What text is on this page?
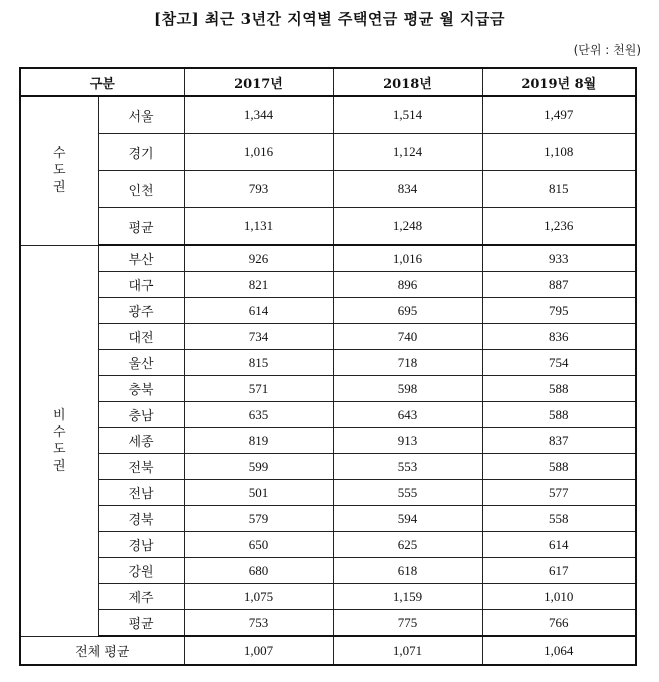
[참고] 최근 3년간 지역별 주택연금 평균 월 지급금
(단위 : 천원)
구분		2017년	2018년	2019년 8월

수
도
권	서울	1,344	1,514	1,497
	경기	1,016	1,124	1,108
	인천	793	834	815
	평균	1,131	1,248	1,236

비
수
도
권	부산	926	1,016	933
	대구	821	896	887
	광주	614	695	795
	대전	734	740	836
	울산	815	718	754
	충북	571	598	588
	충남	635	643	588
	세종	819	913	837
	전북	599	553	588
	전남	501	555	577
	경북	579	594	558
	경남	650	625	614
	강원	680	618	617
	제주	1,075	1,159	1,010
	평균	753	775	766
전체 평균		1,007	1,071	1,064
